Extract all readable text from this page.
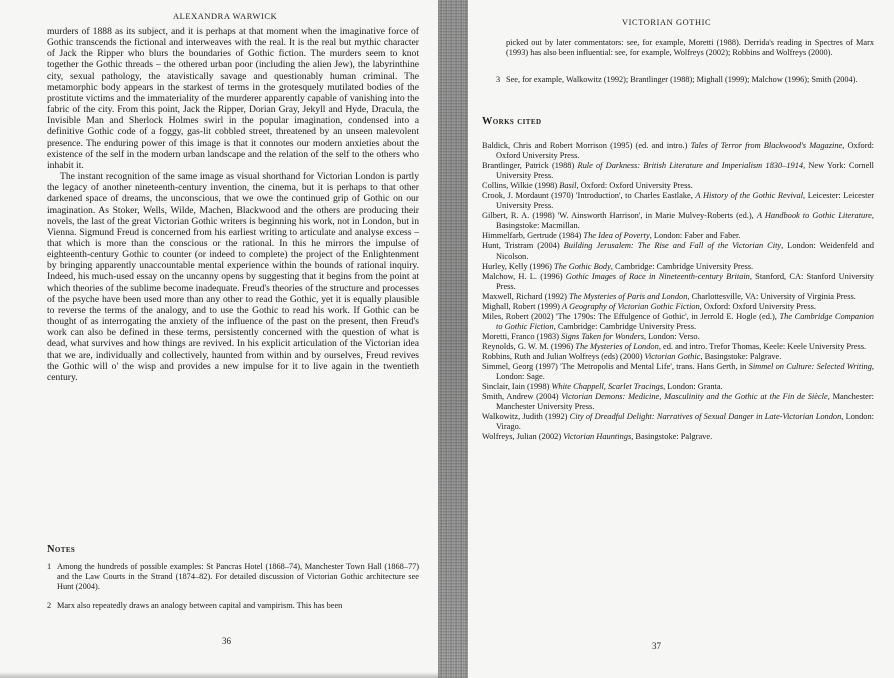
ALEXANDRA WARWICK

murders of 1888 as its subject, and it is perhaps at that moment when the imaginative force of Gothic transcends the fictional and interweaves with the real. It is the real but mythic character of Jack the Ripper who blurs the boundaries of Gothic fiction. The murders seem to knot together the Gothic threads – the othered urban poor (including the alien Jew), the labyrinthine city, sexual pathology, the atavistically savage and questionably human criminal. The metamorphic body appears in the starkest of terms in the grotesquely mutilated bodies of the prostitute victims and the immateriality of the murderer apparently capable of vanishing into the fabric of the city. From this point, Jack the Ripper, Dorian Gray, Jekyll and Hyde, Dracula, the Invisible Man and Sherlock Holmes swirl in the popular imagination, condensed into a definitive Gothic code of a foggy, gas-lit cobbled street, threatened by an unseen malevolent presence. The enduring power of this image is that it connotes our modern anxieties about the existence of the self in the modern urban landscape and the relation of the self to the others who inhabit it.

The instant recognition of the same image as visual shorthand for Victorian London is partly the legacy of another nineteenth-century invention, the cinema, but it is perhaps to that other darkened space of dreams, the unconscious, that we owe the continued grip of Gothic on our imagination. As Stoker, Wells, Wilde, Machen, Blackwood and the others are producing their novels, the last of the great Victorian Gothic writers is beginning his work, not in London, but in Vienna. Sigmund Freud is concerned from his earliest writing to articulate and analyse excess – that which is more than the conscious or the rational. In this he mirrors the impulse of eighteenth-century Gothic to counter (or indeed to complete) the project of the Enlightenment by bringing apparently unaccountable mental experience within the bounds of rational inquiry. Indeed, his much-used essay on the uncanny opens by suggesting that it begins from the point at which theories of the sublime become inadequate. Freud's theories of the structure and processes of the psyche have been used more than any other to read the Gothic, yet it is equally plausible to reverse the terms of the analogy, and to use the Gothic to read his work. If Gothic can be thought of as interrogating the anxiety of the influence of the past on the present, then Freud's work can also be defined in these terms, persistently concerned with the question of what is dead, what survives and how things are revived. In his explicit articulation of the Victorian idea that we are, individually and collectively, haunted from within and by ourselves, Freud revives the Gothic will o' the wisp and provides a new impulse for it to live again in the twentieth century.

Notes
1 Among the hundreds of possible examples: St Pancras Hotel (1868–74), Manchester Town Hall (1868–77) and the Law Courts in the Strand (1874–82). For detailed discussion of Victorian Gothic architecture see Hunt (2004).
2 Marx also repeatedly draws an analogy between capital and vampirism. This has been
36
VICTORIAN GOTHIC
picked out by later commentators: see, for example, Moretti (1988). Derrida's reading in Spectres of Marx (1993) has also been influential: see, for example, Wolfreys (2002); Robbins and Wolfreys (2000).
3 See, for example, Walkowitz (1992); Brantlinger (1988); Mighall (1999); Malchow (1996); Smith (2004).
Works cited
Baldick, Chris and Robert Morrison (1995) (ed. and intro.) Tales of Terror from Blackwood's Magazine, Oxford: Oxford University Press.
Brantlinger, Patrick (1988) Rule of Darkness: British Literature and Imperialism 1830–1914, New York: Cornell University Press.
Collins, Wilkie (1998) Basil, Oxford: Oxford University Press.
Crook, J. Mordaunt (1970) 'Introduction', to Charles Eastlake, A History of the Gothic Revival, Leicester: Leicester University Press.
Gilbert, R. A. (1998) 'W. Ainsworth Harrison', in Marie Mulvey-Roberts (ed.), A Handbook to Gothic Literature, Basingstoke: Macmillan.
Himmelfarb, Gertrude (1984) The Idea of Poverty, London: Faber and Faber.
Hunt, Tristram (2004) Building Jerusalem: The Rise and Fall of the Victorian City, London: Weidenfeld and Nicolson.
Hurley, Kelly (1996) The Gothic Body, Cambridge: Cambridge University Press.
Malchow, H. L. (1996) Gothic Images of Race in Nineteenth-century Britain, Stanford, CA: Stanford University Press.
Maxwell, Richard (1992) The Mysteries of Paris and London, Charlottesville, VA: University of Virginia Press.
Mighall, Robert (1999) A Geography of Victorian Gothic Fiction, Oxford: Oxford University Press.
Miles, Robert (2002) 'The 1790s: The Effulgence of Gothic', in Jerrold E. Hogle (ed.), The Cambridge Companion to Gothic Fiction, Cambridge: Cambridge University Press.
Moretti, Franco (1983) Signs Taken for Wonders, London: Verso.
Reynolds, G. W. M. (1996) The Mysteries of London, ed. and intro. Trefor Thomas, Keele: Keele University Press.
Robbins, Ruth and Julian Wolfreys (eds) (2000) Victorian Gothic, Basingstoke: Palgrave.
Simmel, Georg (1997) 'The Metropolis and Mental Life', trans. Hans Gerth, in Simmel on Culture: Selected Writing, London: Sage.
Sinclair, Iain (1998) White Chappell, Scarlet Tracings, London: Granta.
Smith, Andrew (2004) Victorian Demons: Medicine, Masculinity and the Gothic at the Fin de Siècle, Manchester: Manchester University Press.
Walkowitz, Judith (1992) City of Dreadful Delight: Narratives of Sexual Danger in Late-Victorian London, London: Virago.
Wolfreys, Julian (2002) Victorian Hauntings, Basingstoke: Palgrave.
37
